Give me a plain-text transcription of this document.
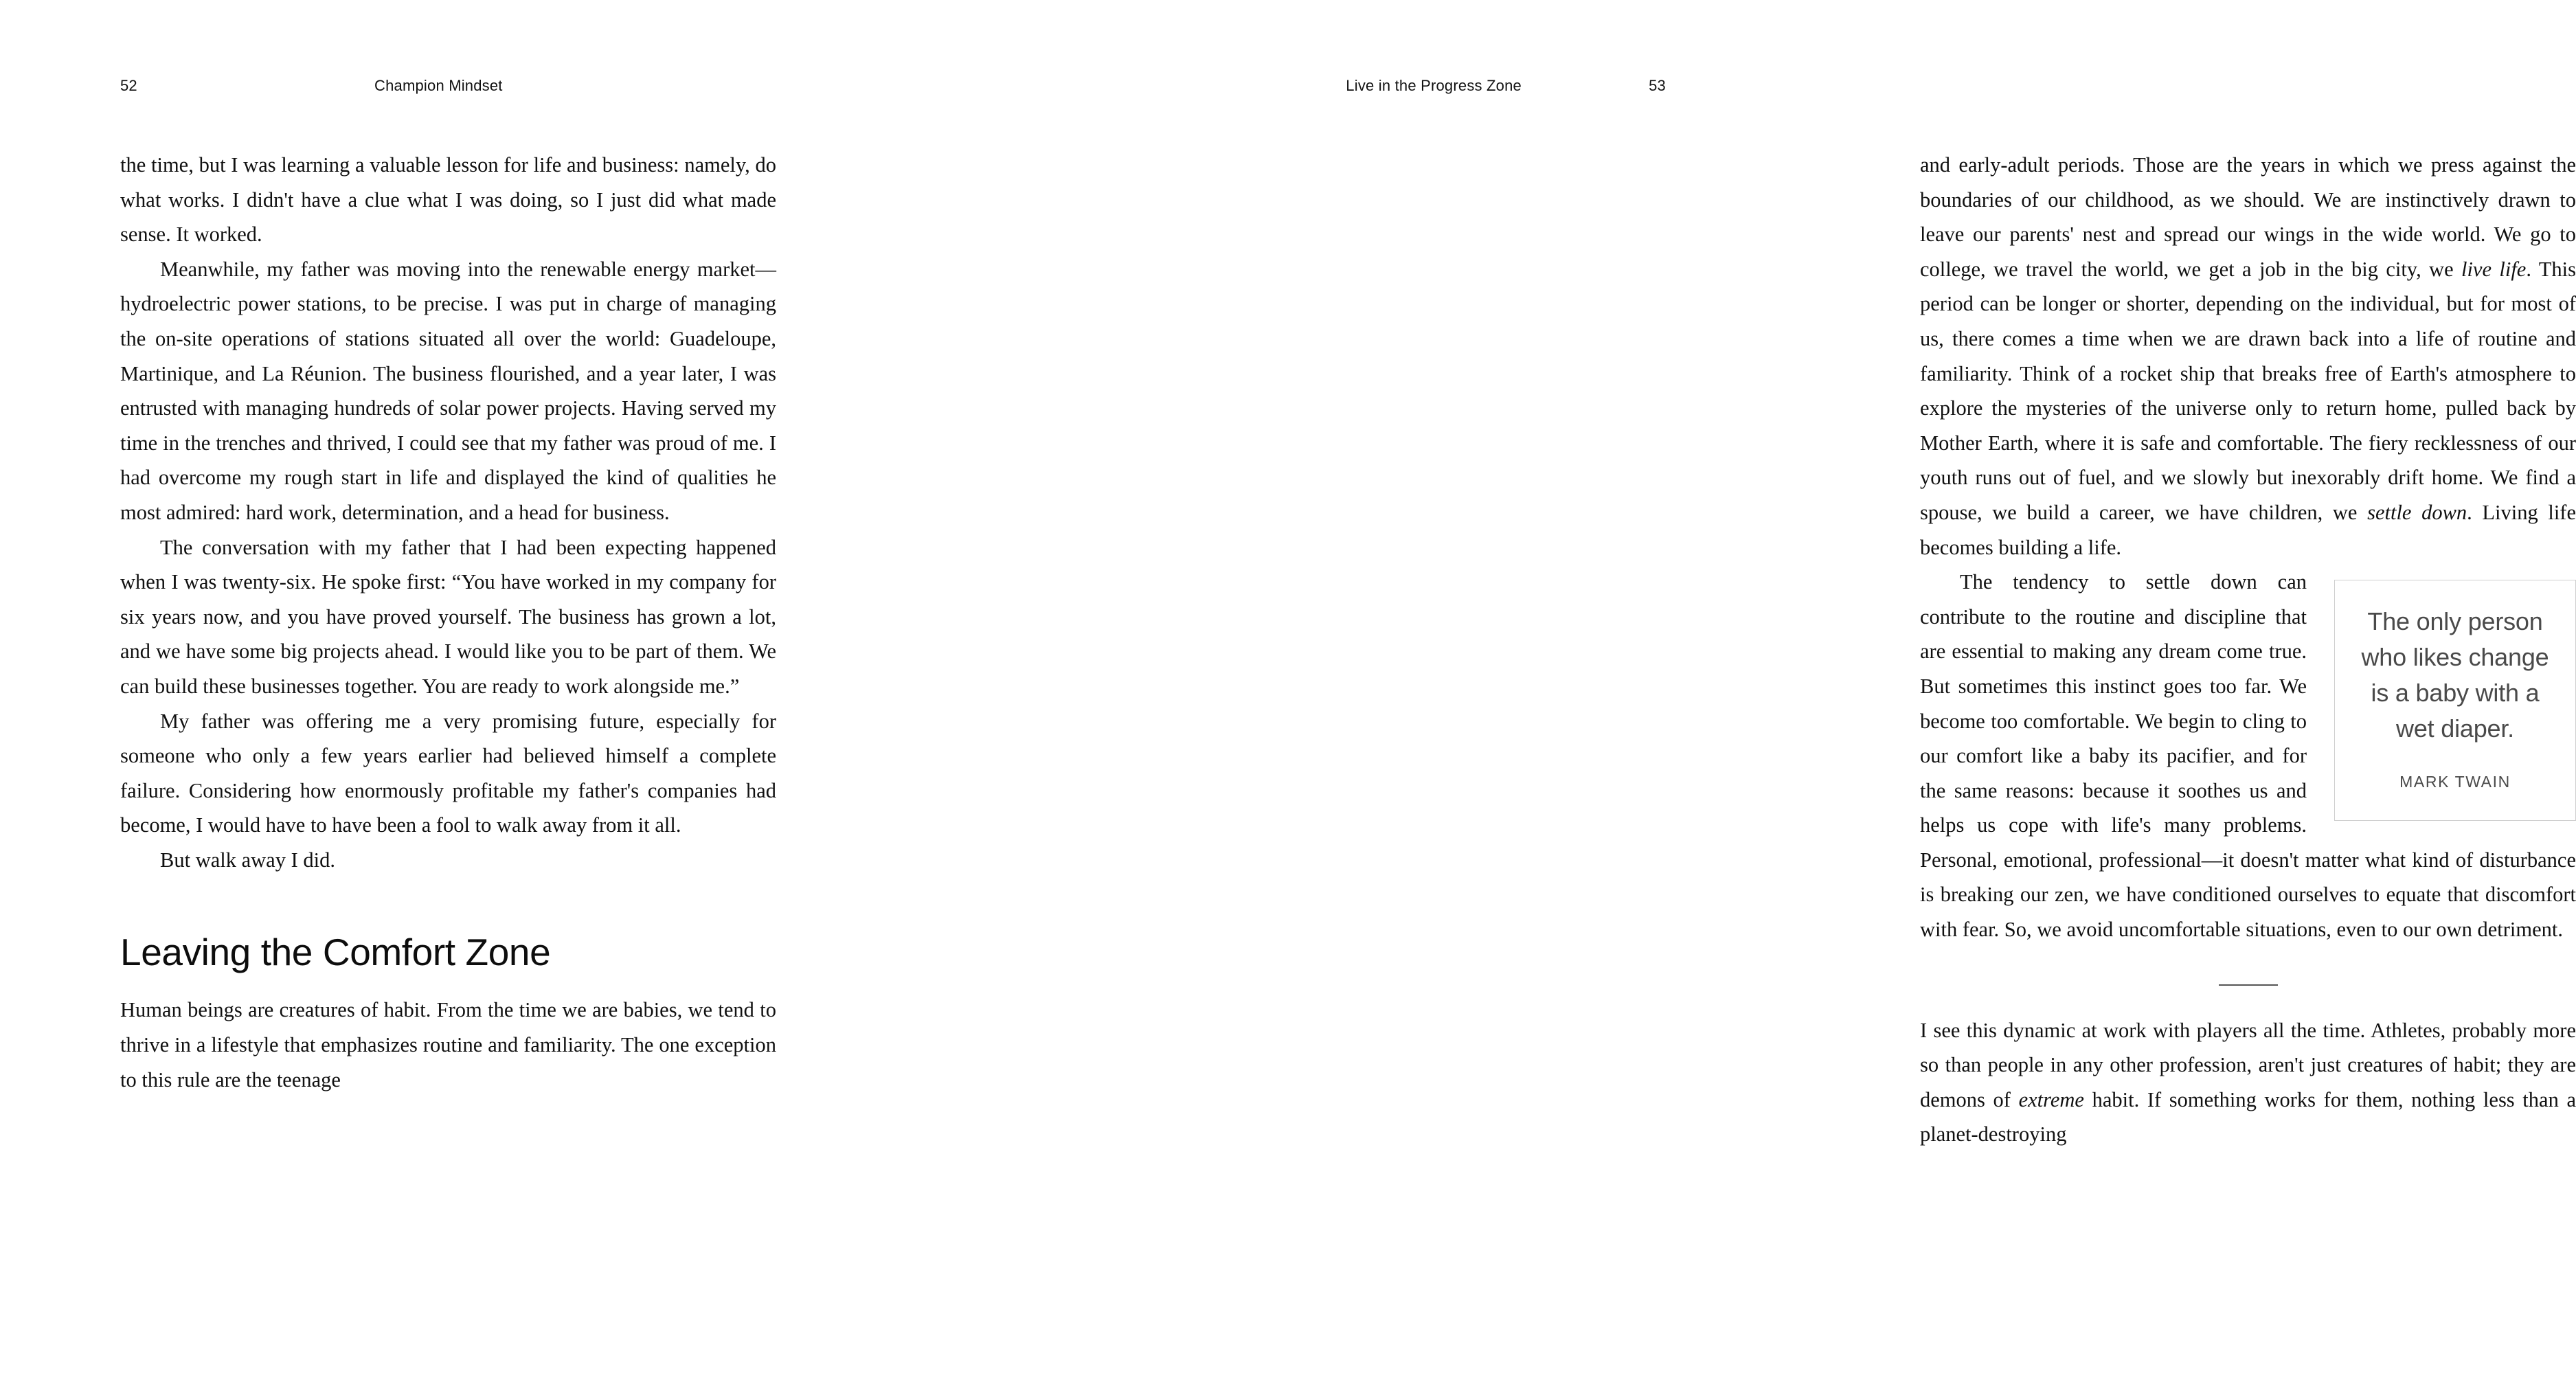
52	Champion Mindset

the time, but I was learning a valuable lesson for life and business: namely, do what works. I didn't have a clue what I was doing, so I just did what made sense. It worked.

Meanwhile, my father was moving into the renewable energy market—hydroelectric power stations, to be precise. I was put in charge of managing the on-site operations of stations situated all over the world: Guadeloupe, Martinique, and La Réunion. The business flourished, and a year later, I was entrusted with managing hundreds of solar power projects. Having served my time in the trenches and thrived, I could see that my father was proud of me. I had overcome my rough start in life and displayed the kind of qualities he most admired: hard work, determination, and a head for business.

The conversation with my father that I had been expecting happened when I was twenty-six. He spoke first: “You have worked in my company for six years now, and you have proved yourself. The business has grown a lot, and we have some big projects ahead. I would like you to be part of them. We can build these businesses together. You are ready to work alongside me.”

My father was offering me a very promising future, especially for someone who only a few years earlier had believed himself a complete failure. Considering how enormously profitable my father's companies had become, I would have to have been a fool to walk away from it all.

But walk away I did.

Leaving the Comfort Zone

Human beings are creatures of habit. From the time we are babies, we tend to thrive in a lifestyle that emphasizes routine and familiarity. The one exception to this rule are the teenage

Live in the Progress Zone	53

and early-adult periods. Those are the years in which we press against the boundaries of our childhood, as we should. We are instinctively drawn to leave our parents' nest and spread our wings in the wide world. We go to college, we travel the world, we get a job in the big city, we live life. This period can be longer or shorter, depending on the individual, but for most of us, there comes a time when we are drawn back into a life of routine and familiarity. Think of a rocket ship that breaks free of Earth's atmosphere to explore the mysteries of the universe only to return home, pulled back by Mother Earth, where it is safe and comfortable. The fiery recklessness of our youth runs out of fuel, and we slowly but inexorably drift home. We find a spouse, we build a career, we have children, we settle down. Living life becomes building a life.

The only person who likes change is a baby with a wet diaper.
MARK TWAIN

The tendency to settle down can contribute to the routine and discipline that are essential to making any dream come true. But sometimes this instinct goes too far. We become too comfortable. We begin to cling to our comfort like a baby its pacifier, and for the same reasons: because it soothes us and helps us cope with life's many problems. Personal, emotional, professional—it doesn't matter what kind of disturbance is breaking our zen, we have conditioned ourselves to equate that discomfort with fear. So, we avoid uncomfortable situations, even to our own detriment.

I see this dynamic at work with players all the time. Athletes, probably more so than people in any other profession, aren't just creatures of habit; they are demons of extreme habit. If something works for them, nothing less than a planet-destroying
